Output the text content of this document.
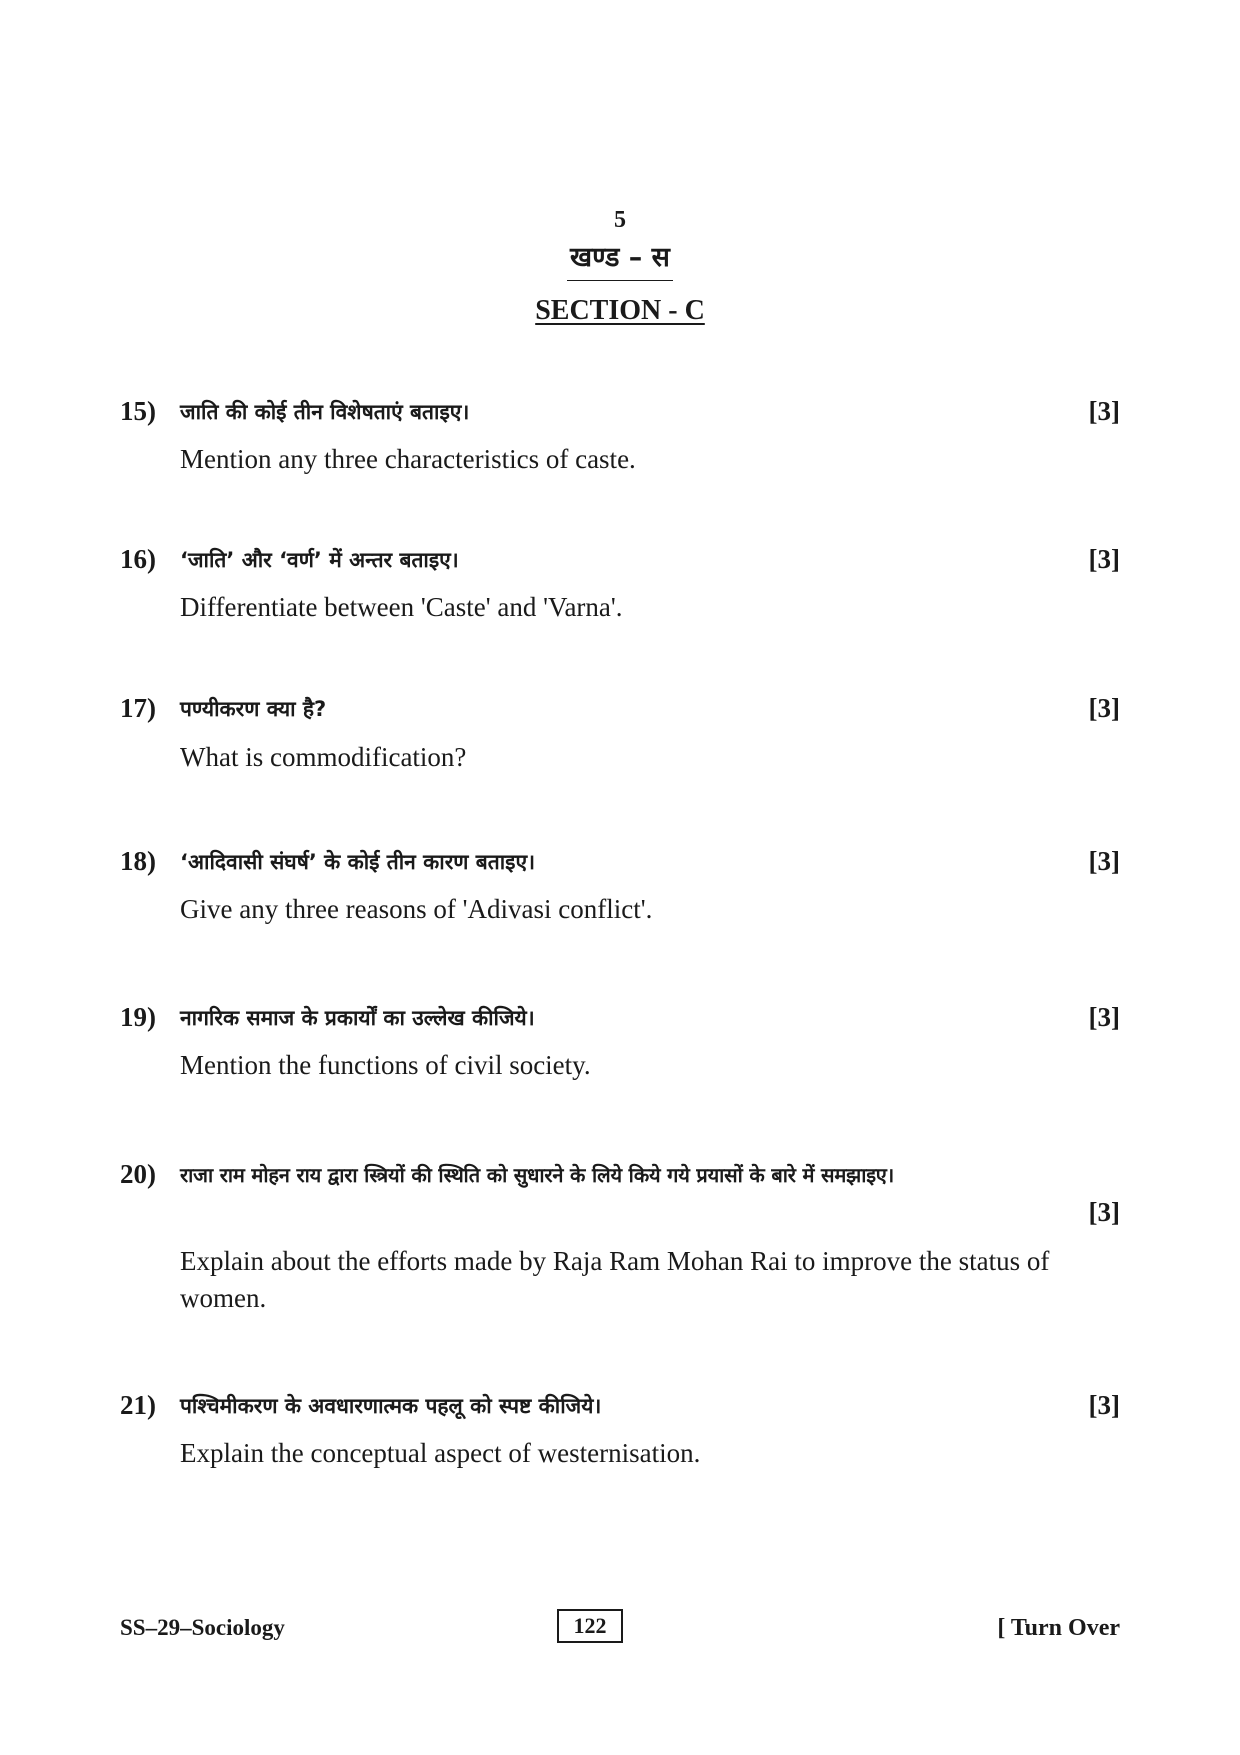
5
खण्ड – स
SECTION - C
15) जाति की कोई तीन विशेषताएं बताइए।	[3]
Mention any three characteristics of caste.
16) ‘जाति’ और ‘वर्ण’ में अन्तर बताइए।	[3]
Differentiate between 'Caste' and 'Varna'.
17) पण्यीकरण क्या है?	[3]
What is commodification?
18) ‘आदिवासी संघर्ष’ के कोई तीन कारण बताइए।	[3]
Give any three reasons of 'Adivasi conflict'.
19) नागरिक समाज के प्रकार्यों का उल्लेख कीजिये।	[3]
Mention the functions of civil society.
20) राजा राम मोहन राय द्वारा स्त्रियों की स्थिति को सुधारने के लिये किये गये प्रयासों के बारे में समझाइए।
[3]
Explain about the efforts made by Raja Ram Mohan Rai to improve the status of women.
21) पश्चिमीकरण के अवधारणात्मक पहलू को स्पष्ट कीजिये।	[3]
Explain the conceptual aspect of westernisation.
SS–29–Sociology	122	[ Turn Over
